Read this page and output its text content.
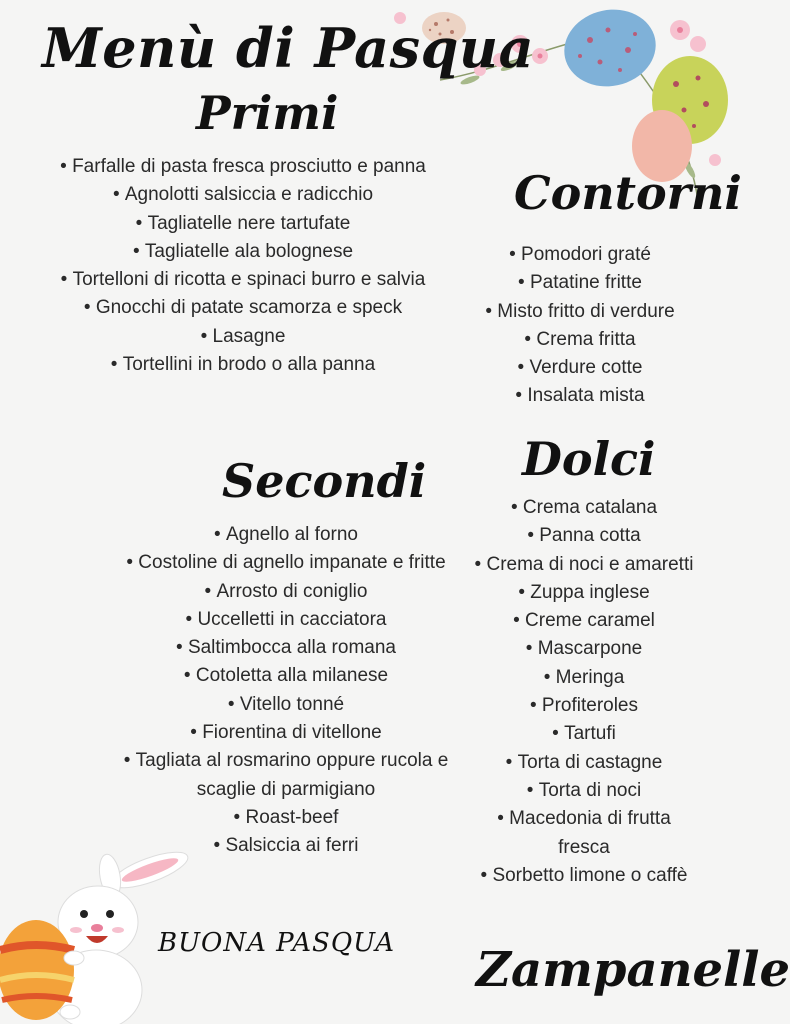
Menù di Pasqua
Primi
• Farfalle di pasta fresca prosciutto e panna
• Agnolotti salsiccia e radicchio
• Tagliatelle nere tartufate
• Tagliatelle ala bolognese
• Tortelloni di ricotta e spinaci burro e salvia
• Gnocchi di patate scamorza e speck
• Lasagne
• Tortellini in brodo o alla panna
Contorni
• Pomodori graté
• Patatine fritte
• Misto fritto di verdure
• Crema fritta
• Verdure cotte
• Insalata mista
Dolci
• Crema catalana
• Panna cotta
• Crema di noci e amaretti
• Zuppa inglese
• Creme caramel
• Mascarpone
• Meringa
• Profiteroles
• Tartufi
• Torta di castagne
• Torta di noci
• Macedonia di frutta fresca
• Sorbetto limone o caffè
Secondi
• Agnello al forno
• Costoline di agnello impanate e fritte
• Arrosto di coniglio
• Uccelletti in cacciatora
• Saltimbocca alla romana
• Cotoletta alla milanese
• Vitello tonné
• Fiorentina di vitellone
• Tagliata al rosmarino oppure rucola e scaglie di parmigiano
• Roast-beef
• Salsiccia ai ferri
BUONA PASQUA Zampanelle
